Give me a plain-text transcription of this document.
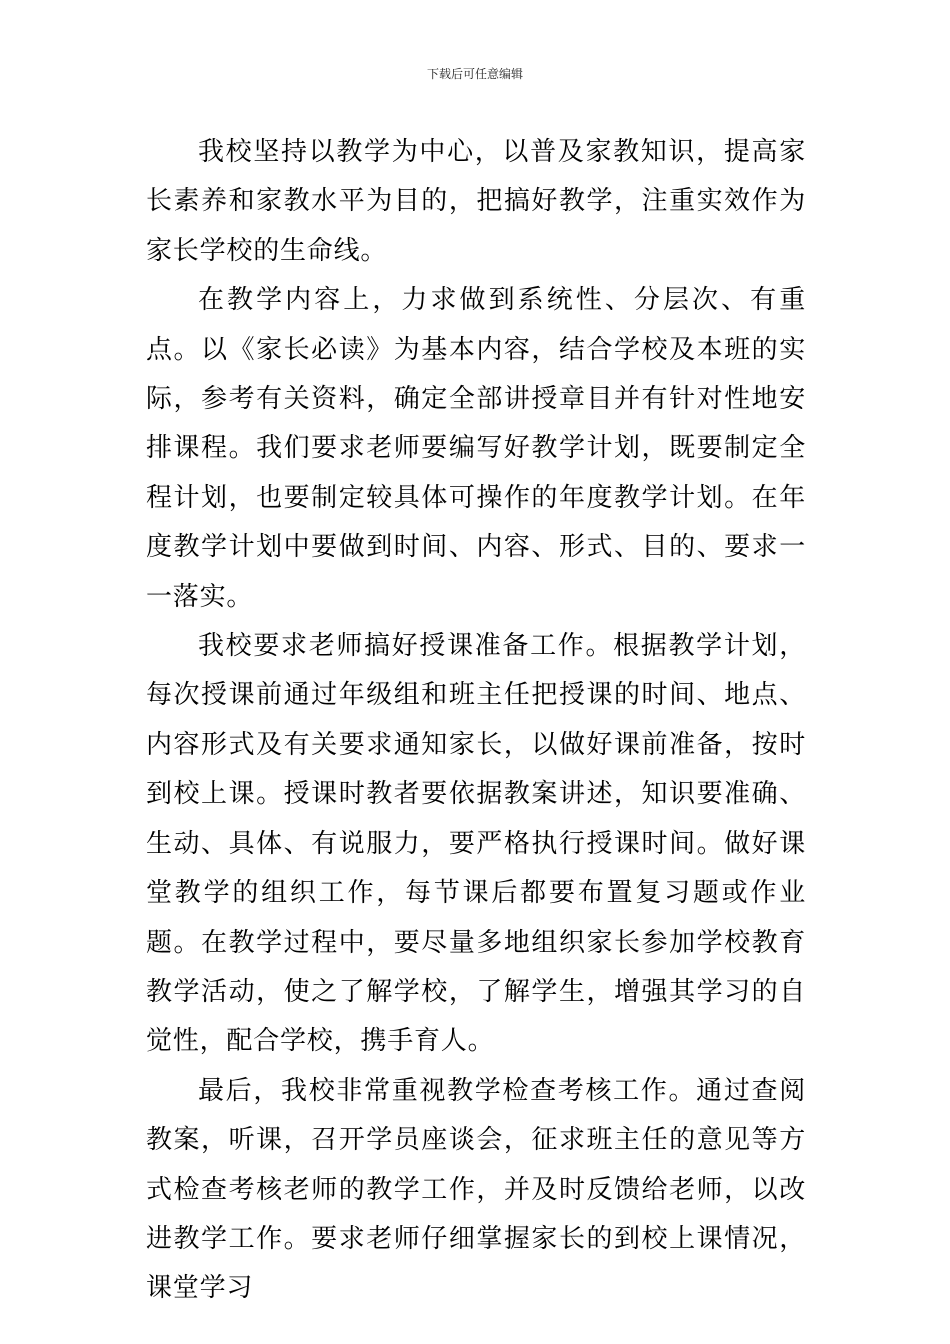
下载后可任意编辑

我校坚持以教学为中心，以普及家教知识，提高家长素养和家教水平为目的，把搞好教学，注重实效作为家长学校的生命线。

在教学内容上，力求做到系统性、分层次、有重点。以《家长必读》为基本内容，结合学校及本班的实际，参考有关资料，确定全部讲授章目并有针对性地安排课程。我们要求老师要编写好教学计划，既要制定全程计划，也要制定较具体可操作的年度教学计划。在年度教学计划中要做到时间、内容、形式、目的、要求一一落实。

我校要求老师搞好授课准备工作。根据教学计划，每次授课前通过年级组和班主任把授课的时间、地点、内容形式及有关要求通知家长，以做好课前准备，按时到校上课。授课时教者要依据教案讲述，知识要准确、生动、具体、有说服力，要严格执行授课时间。做好课堂教学的组织工作，每节课后都要布置复习题或作业题。在教学过程中，要尽量多地组织家长参加学校教育教学活动，使之了解学校，了解学生，增强其学习的自觉性，配合学校，携手育人。

最后，我校非常重视教学检查考核工作。通过查阅教案，听课，召开学员座谈会，征求班主任的意见等方式检查考核老师的教学工作，并及时反馈给老师，以改进教学工作。要求老师仔细掌握家长的到校上课情况，课堂学习
